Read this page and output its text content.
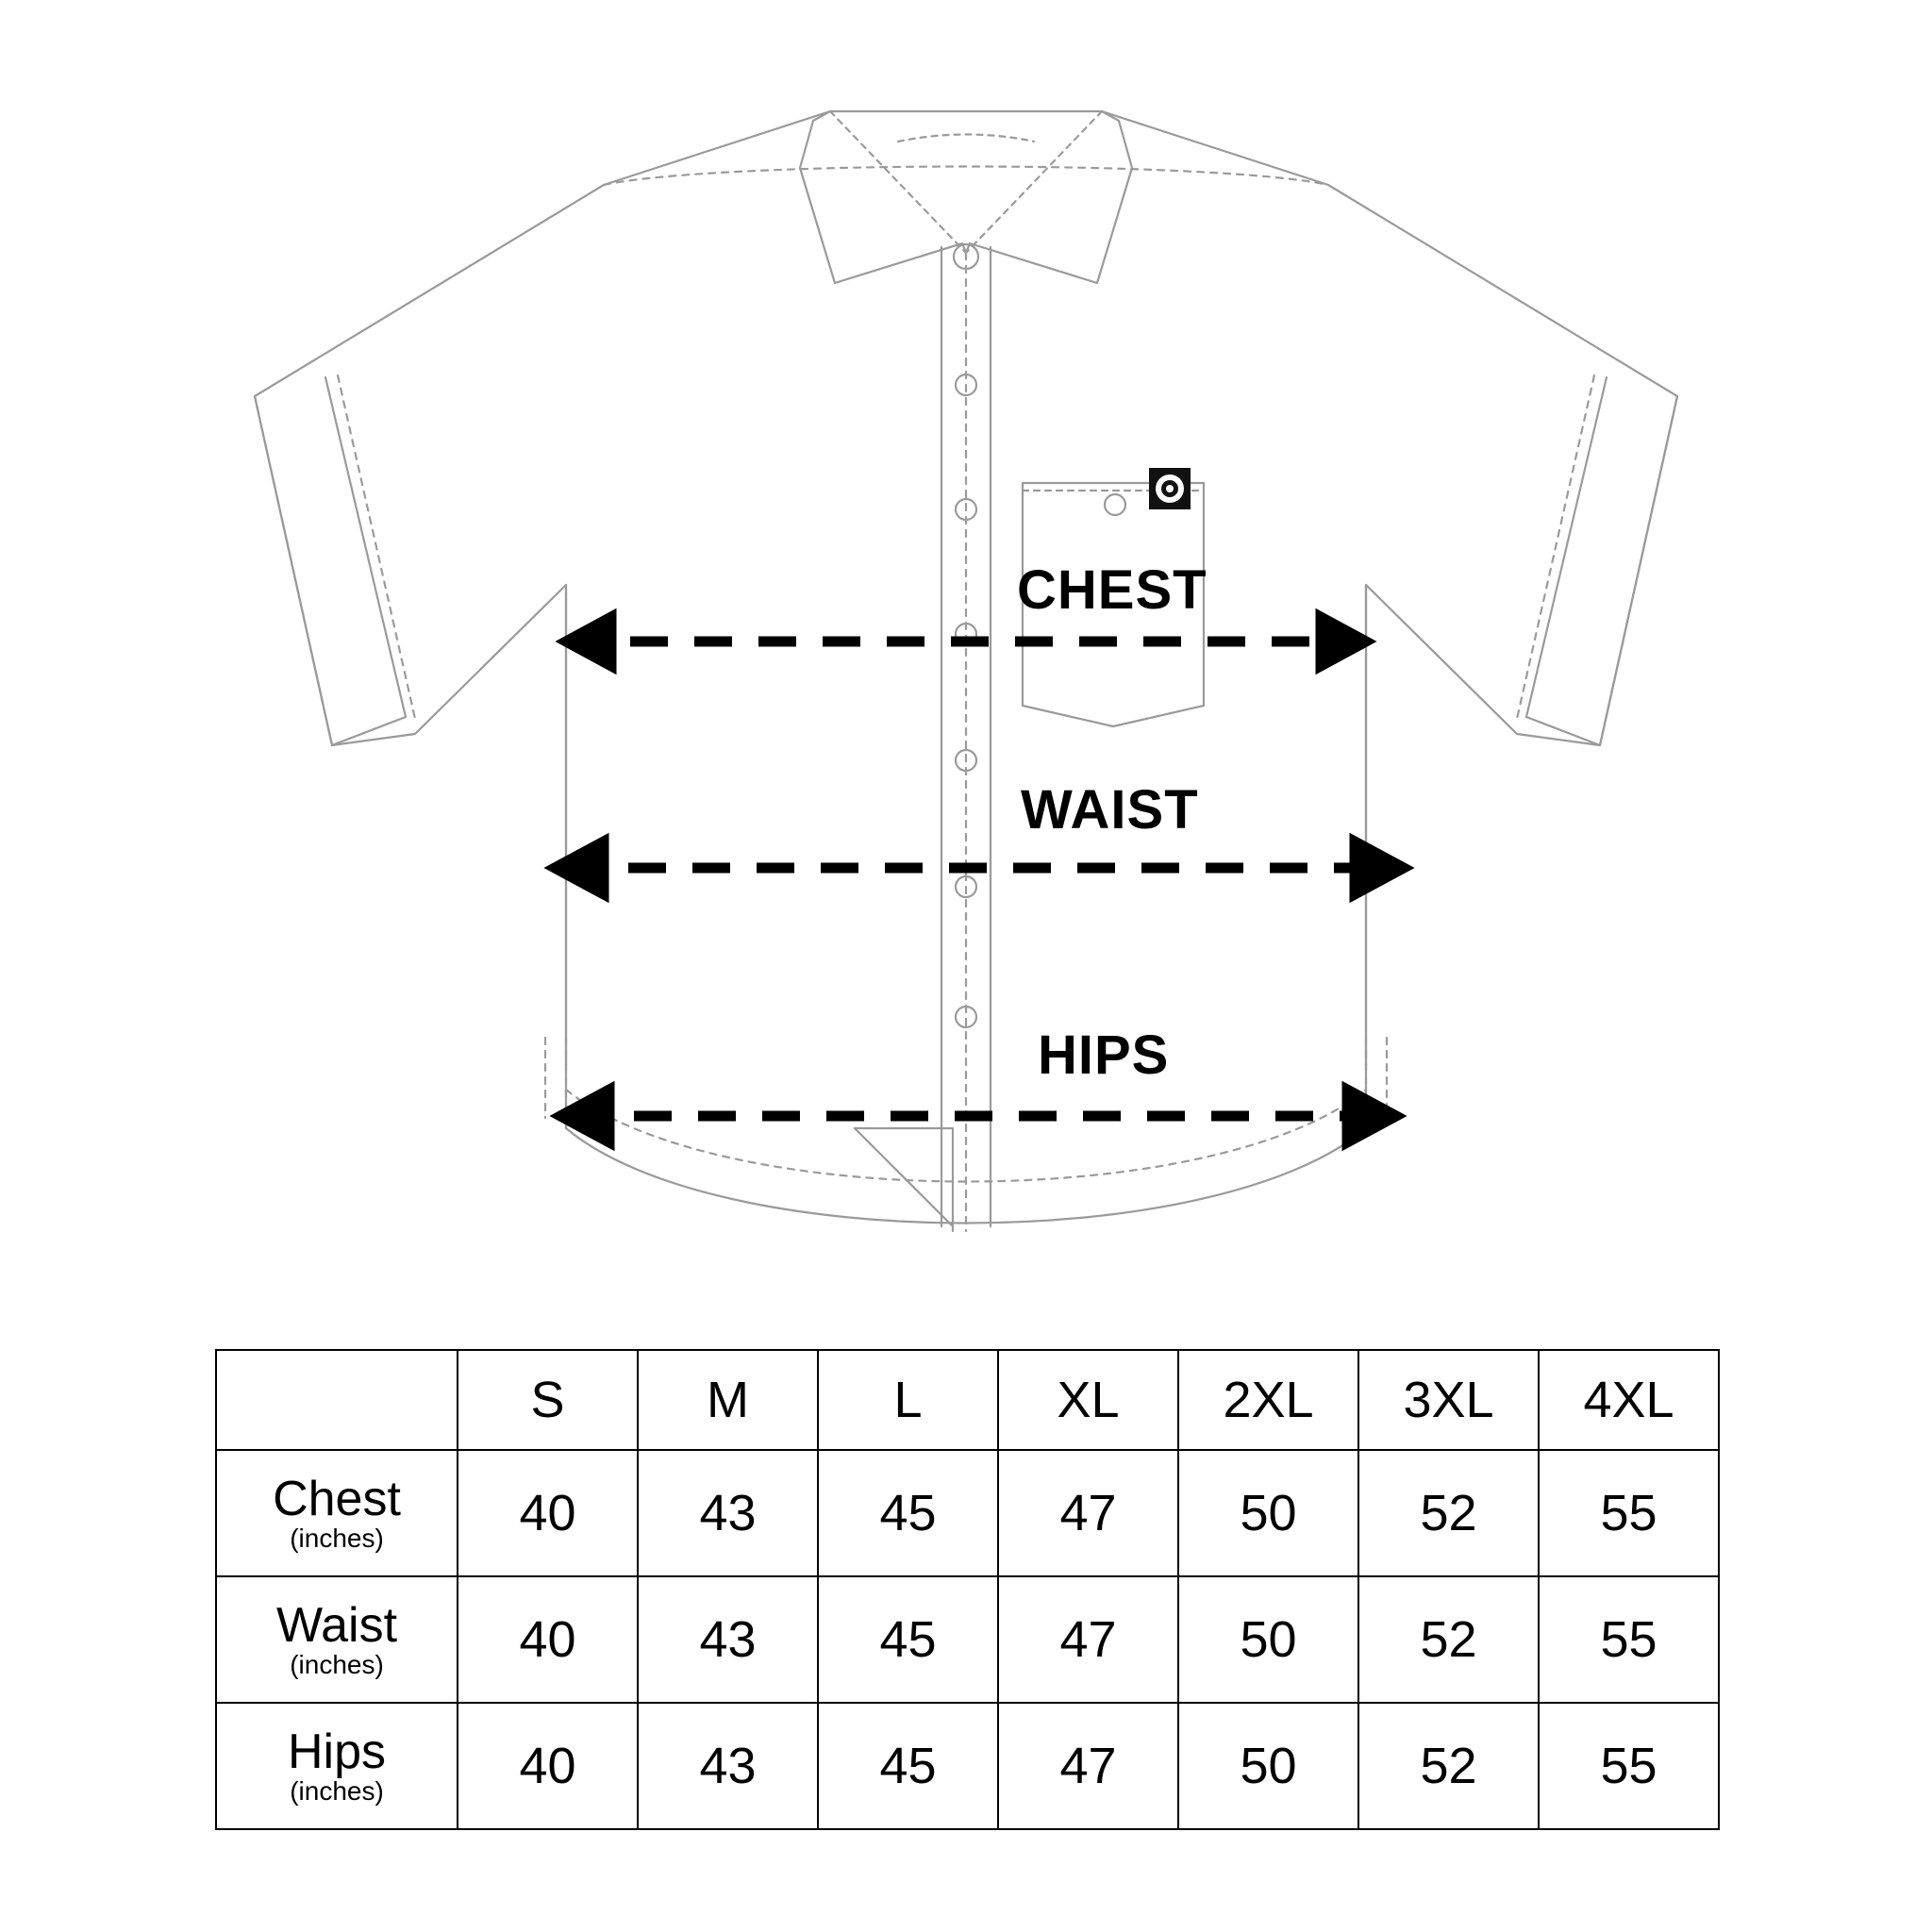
CHEST
WAIST
HIPS
	S	M	L	XL	2XL	3XL	4XL

Chest
(inches)	40	43	45	47	50	52	55

Waist
(inches)	40	43	45	47	50	52	55

Hips
(inches)	40	43	45	47	50	52	55
